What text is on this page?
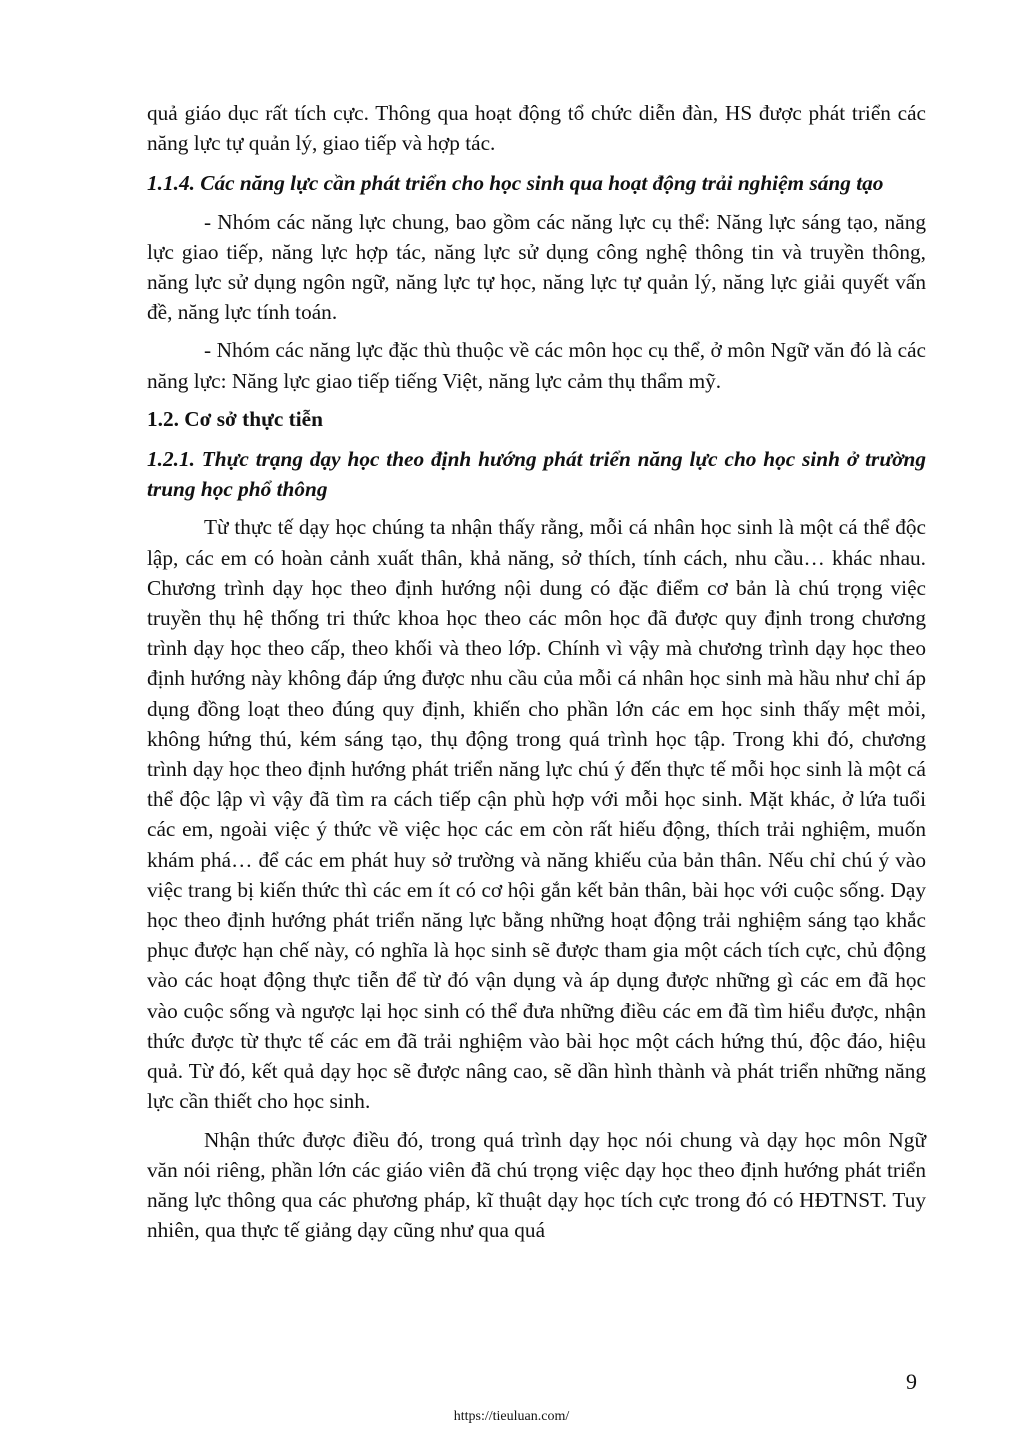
quả giáo dục rất tích cực. Thông qua hoạt động tổ chức diễn đàn, HS được phát triển các năng lực tự quản lý, giao tiếp và hợp tác.

1.1.4. Các năng lực cần phát triển cho học sinh qua hoạt động trải nghiệm sáng tạo

- Nhóm các năng lực chung, bao gồm các năng lực cụ thể: Năng lực sáng tạo, năng lực giao tiếp, năng lực hợp tác, năng lực sử dụng công nghệ thông tin và truyền thông, năng lực sử dụng ngôn ngữ, năng lực tự học, năng lực tự quản lý, năng lực giải quyết vấn đề, năng lực tính toán.

- Nhóm các năng lực đặc thù thuộc về các môn học cụ thể, ở môn Ngữ văn đó là các năng lực: Năng lực giao tiếp tiếng Việt, năng lực cảm thụ thẩm mỹ.

1.2. Cơ sở thực tiễn

1.2.1. Thực trạng dạy học theo định hướng phát triển năng lực cho học sinh ở trường trung học phổ thông

Từ thực tế dạy học chúng ta nhận thấy rằng, mỗi cá nhân học sinh là một cá thể độc lập, các em có hoàn cảnh xuất thân, khả năng, sở thích, tính cách, nhu cầu… khác nhau. Chương trình dạy học theo định hướng nội dung có đặc điểm cơ bản là chú trọng việc truyền thụ hệ thống tri thức khoa học theo các môn học đã được quy định trong chương trình dạy học theo cấp, theo khối và theo lớp. Chính vì vậy mà chương trình dạy học theo định hướng này không đáp ứng được nhu cầu của mỗi cá nhân học sinh mà hầu như chỉ áp dụng đồng loạt theo đúng quy định, khiến cho phần lớn các em học sinh thấy mệt mỏi, không hứng thú, kém sáng tạo, thụ động trong quá trình học tập. Trong khi đó, chương trình dạy học theo định hướng phát triển năng lực chú ý đến thực tế mỗi học sinh là một cá thể độc lập vì vậy đã tìm ra cách tiếp cận phù hợp với mỗi học sinh. Mặt khác, ở lứa tuổi các em, ngoài việc ý thức về việc học các em còn rất hiếu động, thích trải nghiệm, muốn khám phá… để các em phát huy sở trường và năng khiếu của bản thân. Nếu chỉ chú ý vào việc trang bị kiến thức thì các em ít có cơ hội gắn kết bản thân, bài học với cuộc sống. Dạy học theo định hướng phát triển năng lực bằng những hoạt động trải nghiệm sáng tạo khắc phục được hạn chế này, có nghĩa là học sinh sẽ được tham gia một cách tích cực, chủ động vào các hoạt động thực tiễn để từ đó vận dụng và áp dụng được những gì các em đã học vào cuộc sống và ngược lại học sinh có thể đưa những điều các em đã tìm hiểu được, nhận thức được từ thực tế các em đã trải nghiệm vào bài học một cách hứng thú, độc đáo, hiệu quả. Từ đó, kết quả dạy học sẽ được nâng cao, sẽ dần hình thành và phát triển những năng lực cần thiết cho học sinh.

Nhận thức được điều đó, trong quá trình dạy học nói chung và dạy học môn Ngữ văn nói riêng, phần lớn các giáo viên đã chú trọng việc dạy học theo định hướng phát triển năng lực thông qua các phương pháp, kĩ thuật dạy học tích cực trong đó có HĐTNST. Tuy nhiên, qua thực tế giảng dạy cũng như qua quá

9
https://tieuluan.com/
